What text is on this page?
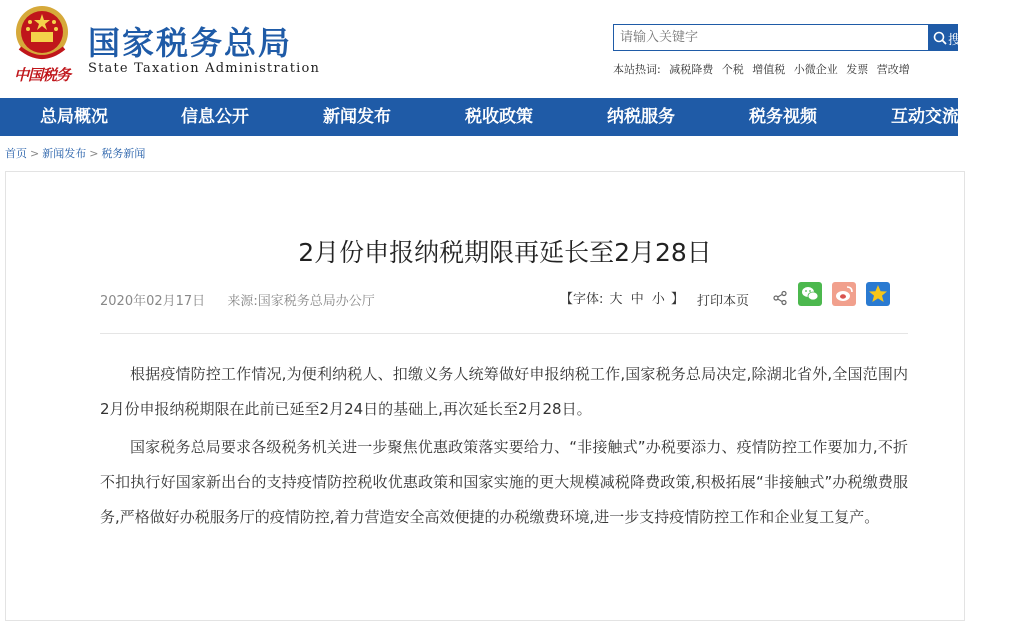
中国税务
国家税务总局
State Taxation Administration
请输入关键字
搜索
本站热词: 减税降费 个税 增值税 小微企业 发票 营改增
总局概况	信息公开	新闻发布	税收政策	纳税服务	税务视频	互动交流
首页 > 新闻发布 > 税务新闻
2月份申报纳税期限再延长至2月28日
2020年02月17日 来源:国家税务总局办公厅	【字体: 大 中 小 】 打印本页

根据疫情防控工作情况,为便利纳税人、扣缴义务人统筹做好申报纳税工作,国家税务总局决定,除湖北省外,全国范围内2月份申报纳税期限在此前已延至2月24日的基础上,再次延长至2月28日。

国家税务总局要求各级税务机关进一步聚焦优惠政策落实要给力、“非接触式”办税要添力、疫情防控工作要加力,不折不扣执行好国家新出台的支持疫情防控税收优惠政策和国家实施的更大规模减税降费政策,积极拓展“非接触式”办税缴费服务,严格做好办税服务厅的疫情防控,着力营造安全高效便捷的办税缴费环境,进一步支持疫情防控工作和企业复工复产。
